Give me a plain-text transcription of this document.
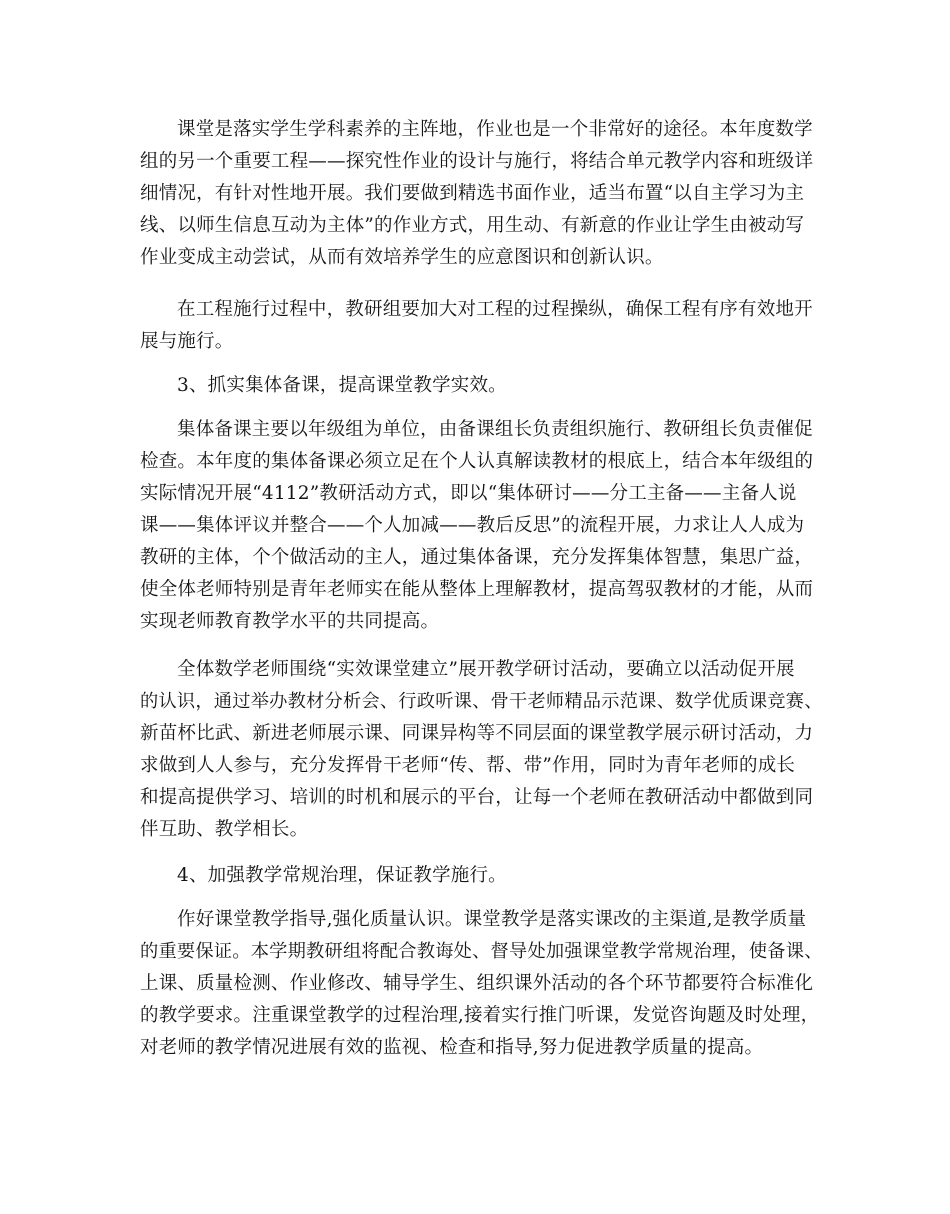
课堂是落实学生学科素养的主阵地，作业也是一个非常好的途径。本年度数学
组的另一个重要工程——探究性作业的设计与施行，将结合单元教学内容和班级详
细情况，有针对性地开展。我们要做到精选书面作业，适当布置“以自主学习为主
线、以师生信息互动为主体”的作业方式，用生动、有新意的作业让学生由被动写
作业变成主动尝试，从而有效培养学生的应意图识和创新认识。
在工程施行过程中，教研组要加大对工程的过程操纵，确保工程有序有效地开
展与施行。
3、抓实集体备课，提高课堂教学实效。
集体备课主要以年级组为单位，由备课组长负责组织施行、教研组长负责催促
检查。本年度的集体备课必须立足在个人认真解读教材的根底上，结合本年级组的
实际情况开展“4112”教研活动方式，即以“集体研讨——分工主备——主备人说
课——集体评议并整合——个人加减——教后反思”的流程开展，力求让人人成为
教研的主体，个个做活动的主人，通过集体备课，充分发挥集体智慧，集思广益，
使全体老师特别是青年老师实在能从整体上理解教材，提高驾驭教材的才能，从而
实现老师教育教学水平的共同提高。
全体数学老师围绕“实效课堂建立”展开教学研讨活动，要确立以活动促开展
的认识，通过举办教材分析会、行政听课、骨干老师精品示范课、数学优质课竞赛、
新苗杯比武、新进老师展示课、同课异构等不同层面的课堂教学展示研讨活动，力
求做到人人参与，充分发挥骨干老师“传、帮、带”作用，同时为青年老师的成长
和提高提供学习、培训的时机和展示的平台，让每一个老师在教研活动中都做到同
伴互助、教学相长。
4、加强教学常规治理，保证教学施行。
作好课堂教学指导,强化质量认识。课堂教学是落实课改的主渠道,是教学质量
的重要保证。本学期教研组将配合教诲处、督导处加强课堂教学常规治理，使备课、
上课、质量检测、作业修改、辅导学生、组织课外活动的各个环节都要符合标准化
的教学要求。注重课堂教学的过程治理,接着实行推门听课，发觉咨询题及时处理，
对老师的教学情况进展有效的监视、检查和指导,努力促进教学质量的提高。
